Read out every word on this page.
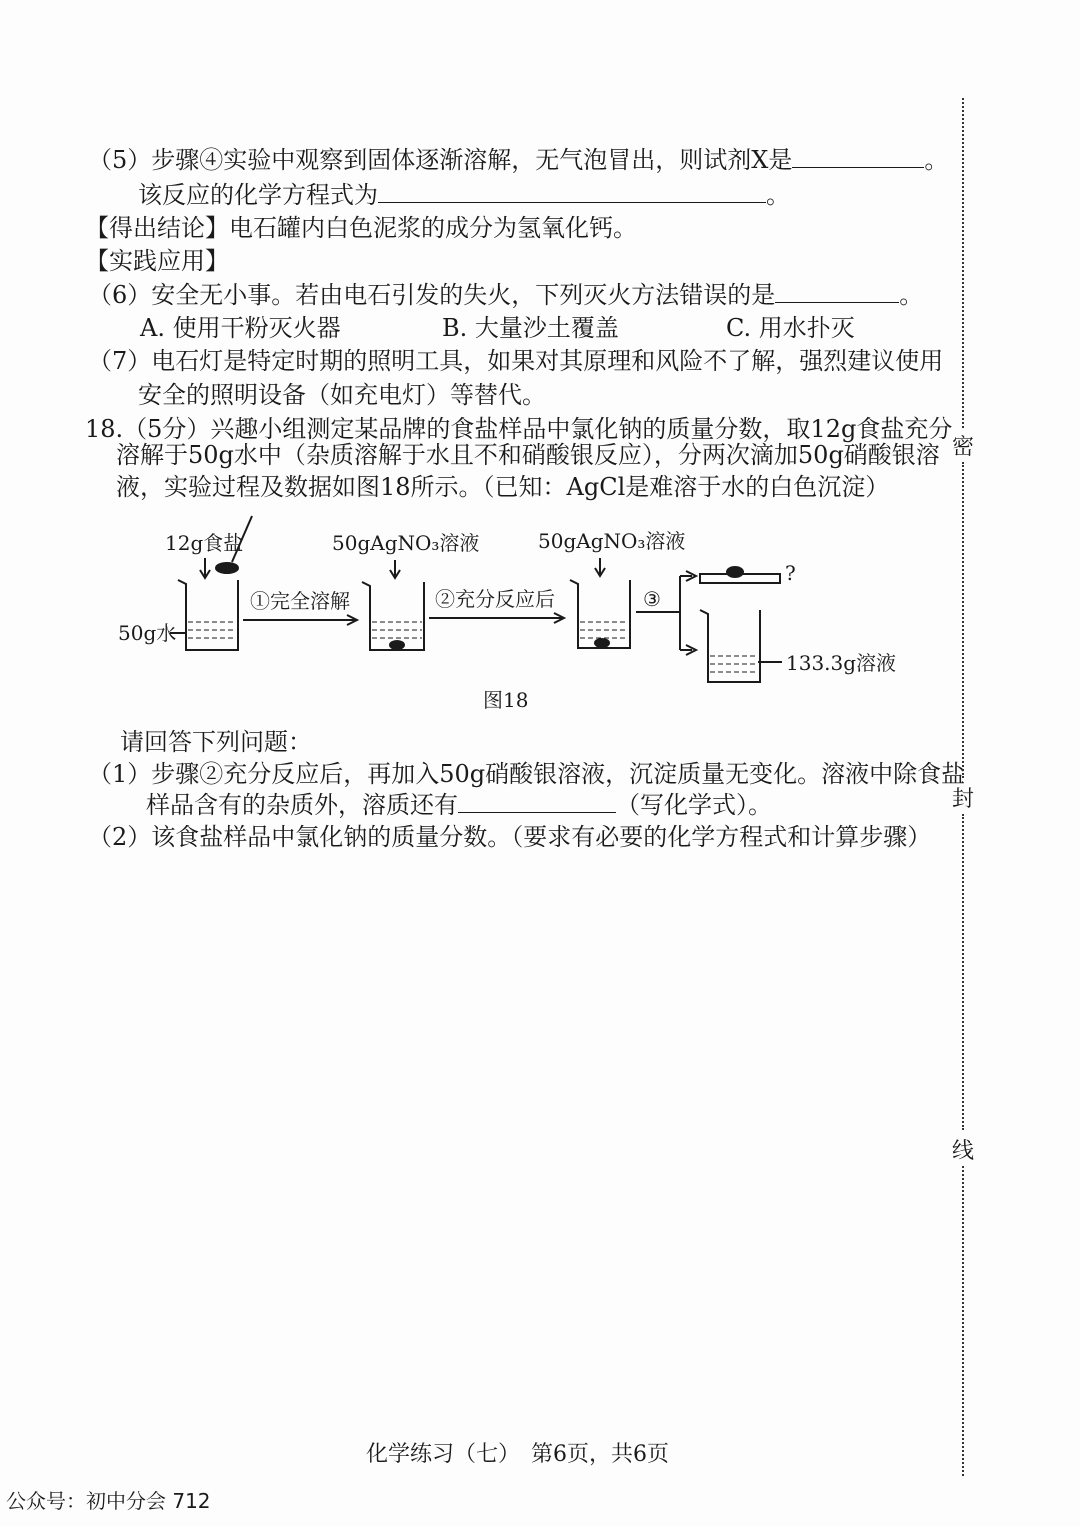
（5）步骤④实验中观察到固体逐渐溶解，无气泡冒出，则试剂X是	。
该反应的化学方程式为	。
【得出结论】电石罐内白色泥浆的成分为氢氧化钙。
【实践应用】
（6）安全无小事。若由电石引发的失火，下列灭火方法错误的是	。
A. 使用干粉灭火器	B. 大量沙土覆盖	C. 用水扑灭
（7）电石灯是特定时期的照明工具，如果对其原理和风险不了解，强烈建议使用
安全的照明设备（如充电灯）等替代。
18.（5分）兴趣小组测定某品牌的食盐样品中氯化钠的质量分数，取12g食盐充分
溶解于50g水中（杂质溶解于水且不和硝酸银反应），分两次滴加50g硝酸银溶
液，实验过程及数据如图18所示。（已知：AgCl是难溶于水的白色沉淀）
12g食盐
50g水
50gAgNO₃溶液	50gAgNO₃溶液
①完全溶解	②充分反应后	③
?
133.3g溶液
图18
请回答下列问题：
（1）步骤②充分反应后，再加入50g硝酸银溶液，沉淀质量无变化。溶液中除食盐
样品含有的杂质外，溶质还有	（写化学式）。
（2）该食盐样品中氯化钠的质量分数。（要求有必要的化学方程式和计算步骤）
密
封
线
化学练习（七）　第6页，共6页
公众号：初中分会 712
